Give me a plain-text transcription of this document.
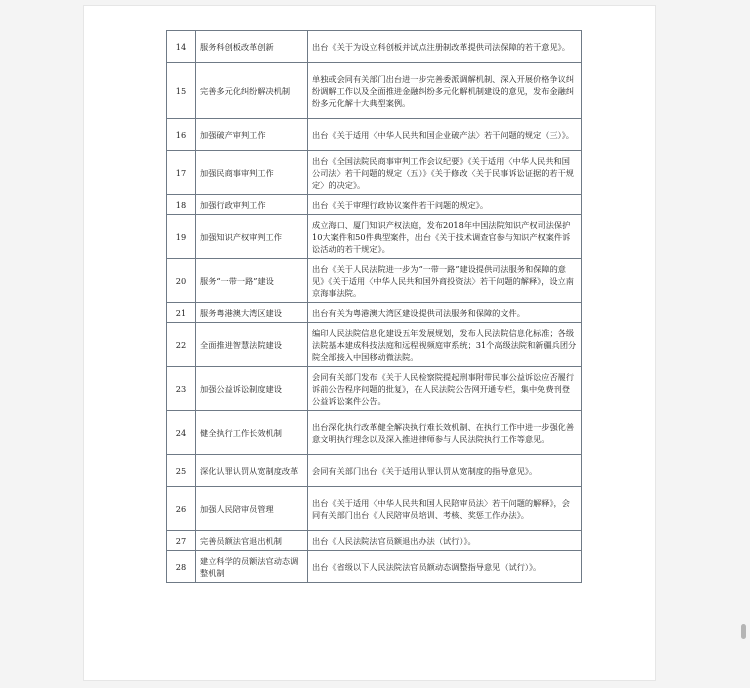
14	服务科创板改革创新	出台《关于为设立科创板并试点注册制改革提供司法保障的若干意见》。
15	完善多元化纠纷解决机制	单独或会同有关部门出台进一步完善委派调解机制、深入开展价格争议纠纷调解工作以及全面推进金融纠纷多元化解机制建设的意见，发布金融纠纷多元化解十大典型案例。
16	加强破产审判工作	出台《关于适用〈中华人民共和国企业破产法〉若干问题的规定（三）》。
17	加强民商事审判工作	出台《全国法院民商事审判工作会议纪要》《关于适用〈中华人民共和国公司法〉若干问题的规定（五）》《关于修改〈关于民事诉讼证据的若干规定〉的决定》。
18	加强行政审判工作	出台《关于审理行政协议案件若干问题的规定》。
19	加强知识产权审判工作	成立海口、厦门知识产权法庭，发布2018年中国法院知识产权司法保护10大案件和50件典型案件，出台《关于技术调查官参与知识产权案件诉讼活动的若干规定》。
20	服务“一带一路”建设	出台《关于人民法院进一步为“一带一路”建设提供司法服务和保障的意见》《关于适用〈中华人民共和国外商投资法〉若干问题的解释》，设立南京海事法院。
21	服务粤港澳大湾区建设	出台有关为粤港澳大湾区建设提供司法服务和保障的文件。
22	全面推进智慧法院建设	编印人民法院信息化建设五年发展规划，发布人民法院信息化标准；各级法院基本建成科技法庭和远程视频庭审系统；31个高级法院和新疆兵团分院全部接入中国移动微法院。
23	加强公益诉讼制度建设	会同有关部门发布《关于人民检察院提起刑事附带民事公益诉讼应否履行诉前公告程序问题的批复》，在人民法院公告网开通专栏，集中免费刊登公益诉讼案件公告。
24	健全执行工作长效机制	出台深化执行改革健全解决执行难长效机制、在执行工作中进一步强化善意文明执行理念以及深入推进律师参与人民法院执行工作等意见。
25	深化认罪认罚从宽制度改革	会同有关部门出台《关于适用认罪认罚从宽制度的指导意见》。
26	加强人民陪审员管理	出台《关于适用〈中华人民共和国人民陪审员法〉若干问题的解释》，会同有关部门出台《人民陪审员培训、考核、奖惩工作办法》。
27	完善员额法官退出机制	出台《人民法院法官员额退出办法（试行）》。
28	建立科学的员额法官动态调整机制	出台《省级以下人民法院法官员额动态调整指导意见（试行）》。
